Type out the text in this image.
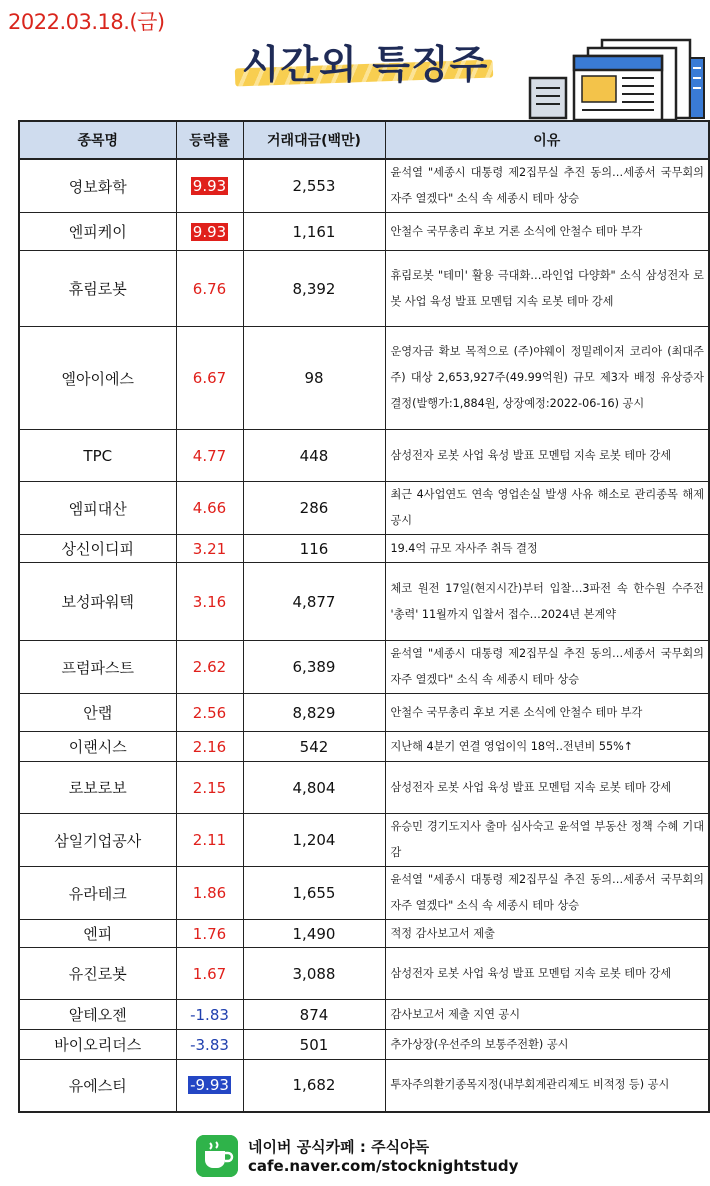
2022.03.18.(금)
시간외 특징주
종목명	등락률	거래대금(백만)	이유
영보화학	9.93	2,553	윤석열 "세종시 대통령 제2집무실 추진 동의…세종서 국무회의 자주 열겠다" 소식 속 세종시 테마 상승
엔피케이	9.93	1,161	안철수 국무총리 후보 거론 소식에 안철수 테마 부각
휴림로봇	6.76	8,392	휴림로봇 "테미' 활용 극대화…라인업 다양화" 소식 삼성전자 로봇 사업 육성 발표 모멘텀 지속 로봇 테마 강세
엘아이에스	6.67	98	운영자금 확보 목적으로 (주)야웨이 정밀레이저 코리아 (최대주주) 대상 2,653,927주(49.99억원) 규모 제3자 배정 유상증자 결정(발행가:1,884원, 상장예정:2022-06-16) 공시
TPC	4.77	448	삼성전자 로봇 사업 육성 발표 모멘텀 지속 로봇 테마 강세
엠피대산	4.66	286	최근 4사업연도 연속 영업손실 발생 사유 해소로 관리종목 해제 공시
상신이디피	3.21	116	19.4억 규모 자사주 취득 결정
보성파워텍	3.16	4,877	체코 원전 17일(현지시간)부터 입찰…3파전 속 한수원 수주전 '총력' 11월까지 입찰서 접수…2024년 본계약
프럼파스트	2.62	6,389	윤석열 "세종시 대통령 제2집무실 추진 동의…세종서 국무회의 자주 열겠다" 소식 속 세종시 테마 상승
안랩	2.56	8,829	안철수 국무총리 후보 거론 소식에 안철수 테마 부각
이랜시스	2.16	542	지난해 4분기 연결 영업이익 18억..전년비 55%↑
로보로보	2.15	4,804	삼성전자 로봇 사업 육성 발표 모멘텀 지속 로봇 테마 강세
삼일기업공사	2.11	1,204	유승민 경기도지사 출마 심사숙고 윤석열 부동산 정책 수혜 기대감
유라테크	1.86	1,655	윤석열 "세종시 대통령 제2집무실 추진 동의…세종서 국무회의 자주 열겠다" 소식 속 세종시 테마 상승
엔피	1.76	1,490	적정 감사보고서 제출
유진로봇	1.67	3,088	삼성전자 로봇 사업 육성 발표 모멘텀 지속 로봇 테마 강세
알테오젠	-1.83	874	감사보고서 제출 지연 공시
바이오리더스	-3.83	501	추가상장(우선주의 보통주전환) 공시
유에스티	-9.93	1,682	투자주의환기종목지정(내부회계관리제도 비적정 등) 공시
네이버 공식카페 : 주식야독
cafe.naver.com/stocknightstudy
